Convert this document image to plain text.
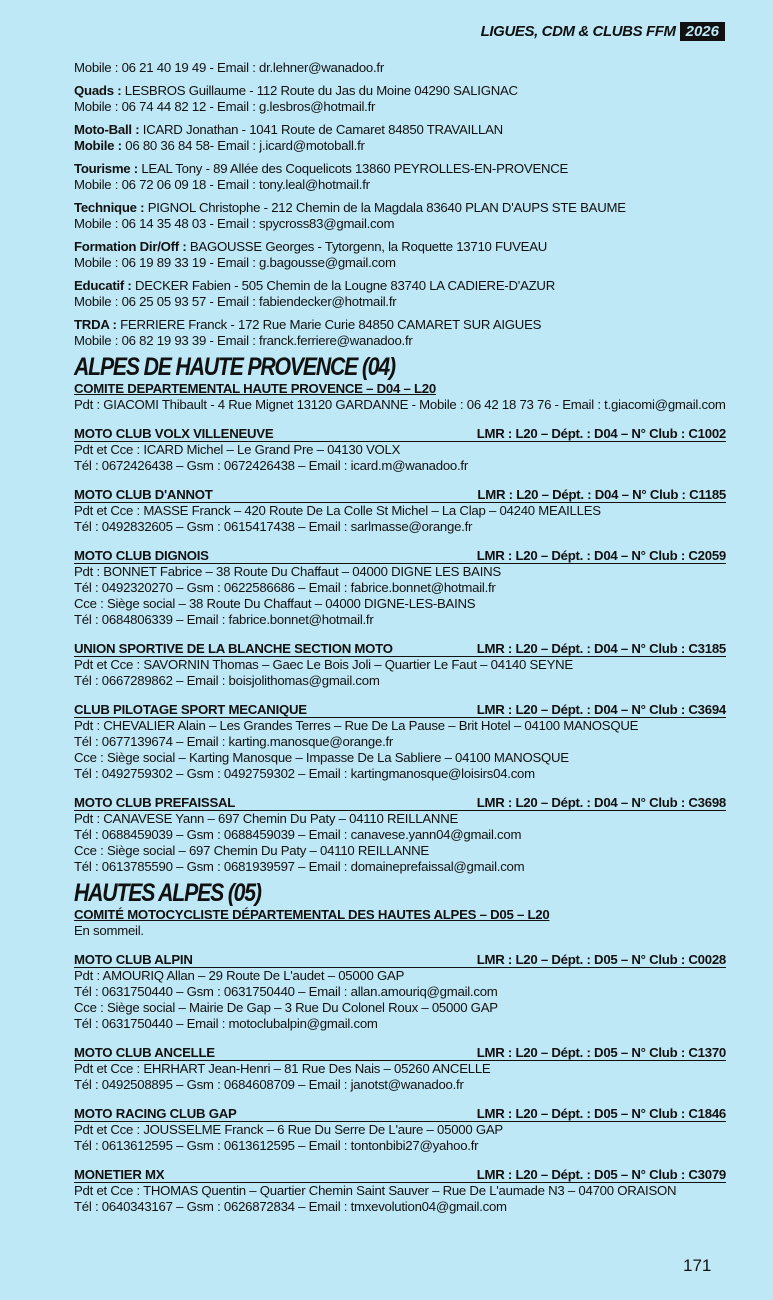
LIGUES, CDM & CLUBS FFM 2026
Mobile : 06 21 40 19 49 - Email : dr.lehner@wanadoo.fr
Quads : LESBROS Guillaume - 112 Route du Jas du Moine 04290 SALIGNAC
Mobile : 06 74 44 82 12 - Email : g.lesbros@hotmail.fr
Moto-Ball : ICARD Jonathan - 1041 Route de Camaret 84850 TRAVAILLAN
Mobile : 06 80 36 84 58- Email : j.icard@motoball.fr
Tourisme : LEAL Tony - 89 Allée des Coquelicots 13860 PEYROLLES-EN-PROVENCE
Mobile : 06 72 06 09 18 - Email : tony.leal@hotmail.fr
Technique : PIGNOL Christophe - 212 Chemin de la Magdala 83640 PLAN D'AUPS STE BAUME
Mobile : 06 14 35 48 03 - Email : spycross83@gmail.com
Formation Dir/Off : BAGOUSSE Georges - Tytorgenn, la Roquette 13710 FUVEAU
Mobile : 06 19 89 33 19 - Email : g.bagousse@gmail.com
Educatif : DECKER Fabien - 505 Chemin de la Lougne 83740 LA CADIERE-D'AZUR
Mobile : 06 25 05 93 57 - Email : fabiendecker@hotmail.fr
TRDA : FERRIERE Franck - 172 Rue Marie Curie 84850 CAMARET SUR AIGUES
Mobile : 06 82 19 93 39 - Email : franck.ferriere@wanadoo.fr
ALPES DE HAUTE PROVENCE (04)
COMITE DEPARTEMENTAL HAUTE PROVENCE – D04 – L20
Pdt : GIACOMI Thibault - 4 Rue Mignet 13120 GARDANNE - Mobile : 06 42 18 73 76 - Email : t.giacomi@gmail.com
MOTO CLUB VOLX VILLENEUVE	LMR : L20 – Dépt. : D04 – N° Club : C1002
Pdt et Cce : ICARD Michel – Le Grand Pre – 04130 VOLX
Tél : 0672426438 – Gsm : 0672426438 – Email : icard.m@wanadoo.fr
MOTO CLUB D'ANNOT	LMR : L20 – Dépt. : D04 – N° Club : C1185
Pdt et Cce : MASSE Franck – 420 Route De La Colle St Michel – La Clap – 04240 MEAILLES
Tél : 0492832605 – Gsm : 0615417438 – Email : sarlmasse@orange.fr
MOTO CLUB DIGNOIS	LMR : L20 – Dépt. : D04 – N° Club : C2059
Pdt : BONNET Fabrice – 38 Route Du Chaffaut – 04000 DIGNE LES BAINS
Tél : 0492320270 – Gsm : 0622586686 – Email : fabrice.bonnet@hotmail.fr
Cce : Siège social – 38 Route Du Chaffaut – 04000 DIGNE-LES-BAINS
Tél : 0684806339 – Email : fabrice.bonnet@hotmail.fr
UNION SPORTIVE DE LA BLANCHE SECTION MOTO	LMR : L20 – Dépt. : D04 – N° Club : C3185
Pdt et Cce : SAVORNIN Thomas – Gaec Le Bois Joli – Quartier Le Faut – 04140 SEYNE
Tél : 0667289862 – Email : boisjolithomas@gmail.com
CLUB PILOTAGE SPORT MECANIQUE	LMR : L20 – Dépt. : D04 – N° Club : C3694
Pdt : CHEVALIER Alain – Les Grandes Terres – Rue De La Pause – Brit Hotel – 04100 MANOSQUE
Tél : 0677139674 – Email : karting.manosque@orange.fr
Cce : Siège social – Karting Manosque – Impasse De La Sabliere – 04100 MANOSQUE
Tél : 0492759302 – Gsm : 0492759302 – Email : kartingmanosque@loisirs04.com
MOTO CLUB PREFAISSAL	LMR : L20 – Dépt. : D04 – N° Club : C3698
Pdt : CANAVESE Yann – 697 Chemin Du Paty – 04110 REILLANNE
Tél : 0688459039 – Gsm : 0688459039 – Email : canavese.yann04@gmail.com
Cce : Siège social – 697 Chemin Du Paty – 04110 REILLANNE
Tél : 0613785590 – Gsm : 0681939597 – Email : domaineprefaissal@gmail.com
HAUTES ALPES (05)
COMITÉ MOTOCYCLISTE DÉPARTEMENTAL DES HAUTES ALPES – D05 – L20
En sommeil.
MOTO CLUB ALPIN	LMR : L20 – Dépt. : D05 – N° Club : C0028
Pdt : AMOURIQ Allan – 29 Route De L'audet – 05000 GAP
Tél : 0631750440 – Gsm : 0631750440 – Email : allan.amouriq@gmail.com
Cce : Siège social – Mairie De Gap – 3 Rue Du Colonel Roux – 05000 GAP
Tél : 0631750440 – Email : motoclubalpin@gmail.com
MOTO CLUB ANCELLE	LMR : L20 – Dépt. : D05 – N° Club : C1370
Pdt et Cce : EHRHART Jean-Henri – 81 Rue Des Nais – 05260 ANCELLE
Tél : 0492508895 – Gsm : 0684608709 – Email : janotst@wanadoo.fr
MOTO RACING CLUB GAP	LMR : L20 – Dépt. : D05 – N° Club : C1846
Pdt et Cce : JOUSSELME Franck – 6 Rue Du Serre De L'aure – 05000 GAP
Tél : 0613612595 – Gsm : 0613612595 – Email : tontonbibi27@yahoo.fr
MONETIER MX	LMR : L20 – Dépt. : D05 – N° Club : C3079
Pdt et Cce : THOMAS Quentin – Quartier Chemin Saint Sauver – Rue De L'aumade N3 – 04700 ORAISON
Tél : 0640343167 – Gsm : 0626872834 – Email : tmxevolution04@gmail.com
171
